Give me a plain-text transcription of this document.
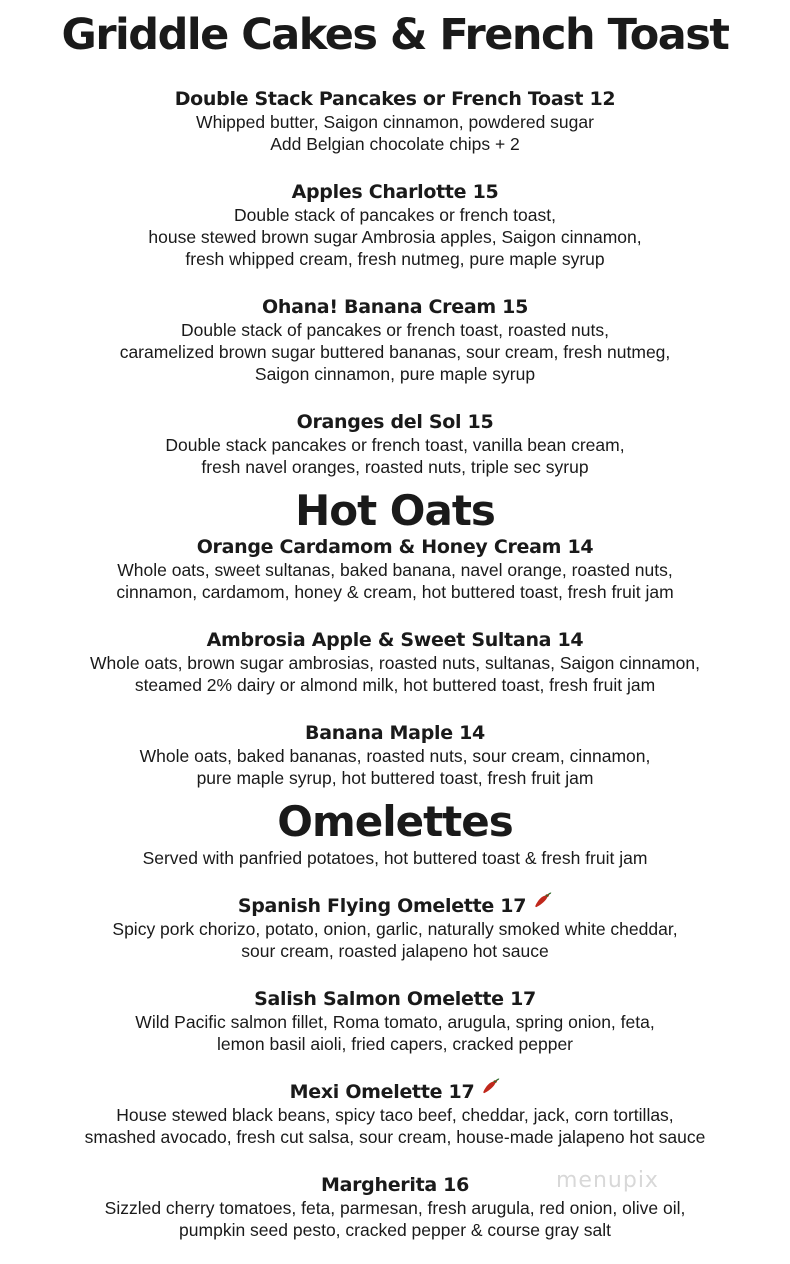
Griddle Cakes & French Toast
Double Stack Pancakes or French Toast 12
Whipped butter, Saigon cinnamon, powdered sugar
Add Belgian chocolate chips + 2
Apples Charlotte 15
Double stack of pancakes or french toast,
house stewed brown sugar Ambrosia apples, Saigon cinnamon,
fresh whipped cream, fresh nutmeg, pure maple syrup
Ohana! Banana Cream 15
Double stack of pancakes or french toast, roasted nuts,
caramelized brown sugar buttered bananas, sour cream, fresh nutmeg,
Saigon cinnamon, pure maple syrup
Oranges del Sol 15
Double stack pancakes or french toast, vanilla bean cream,
fresh navel oranges, roasted nuts, triple sec syrup
Hot Oats
Orange Cardamom & Honey Cream 14
Whole oats, sweet sultanas, baked banana, navel orange, roasted nuts,
cinnamon, cardamom, honey & cream, hot buttered toast, fresh fruit jam
Ambrosia Apple & Sweet Sultana 14
Whole oats, brown sugar ambrosias, roasted nuts, sultanas, Saigon cinnamon,
steamed 2% dairy or almond milk, hot buttered toast, fresh fruit jam
Banana Maple 14
Whole oats, baked bananas, roasted nuts, sour cream, cinnamon,
pure maple syrup, hot buttered toast, fresh fruit jam
Omelettes
Served with panfried potatoes, hot buttered toast & fresh fruit jam
Spanish Flying Omelette 17
Spicy pork chorizo, potato, onion, garlic, naturally smoked white cheddar,
sour cream, roasted jalapeno hot sauce
Salish Salmon Omelette 17
Wild Pacific salmon fillet, Roma tomato, arugula, spring onion, feta,
lemon basil aioli, fried capers, cracked pepper
Mexi Omelette 17
House stewed black beans, spicy taco beef, cheddar, jack, corn tortillas,
smashed avocado, fresh cut salsa, sour cream, house-made jalapeno hot sauce
Margherita 16
Sizzled cherry tomatoes, feta, parmesan, fresh arugula, red onion, olive oil,
pumpkin seed pesto, cracked pepper & course gray salt
menupix
